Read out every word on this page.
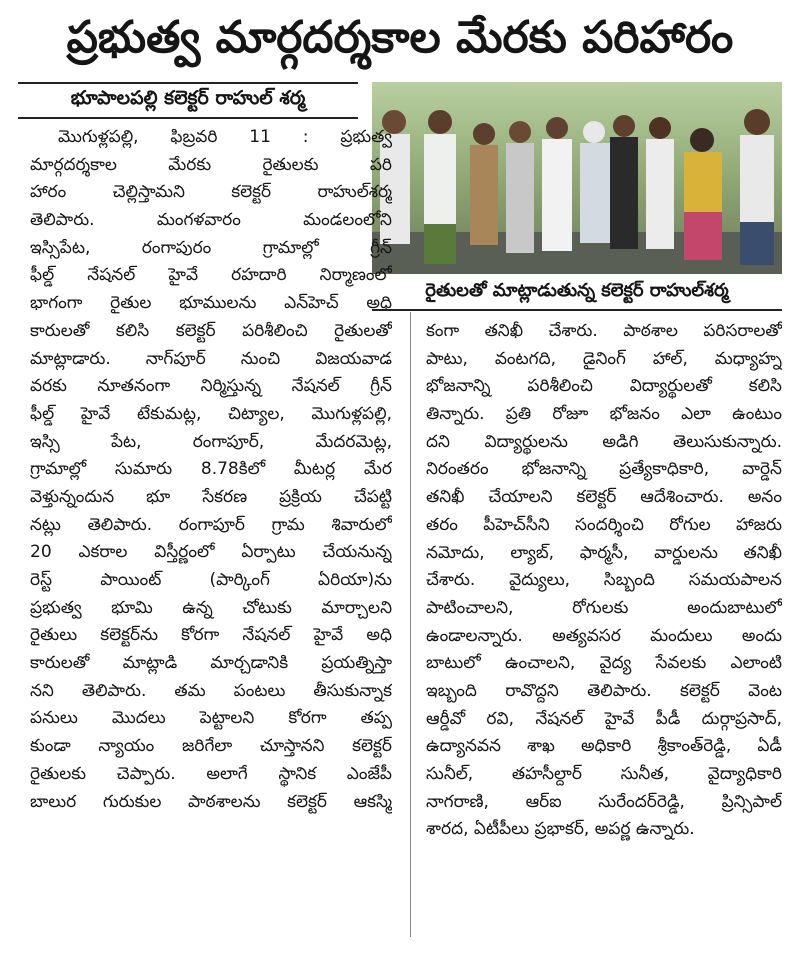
ప్రభుత్వ మార్గదర్శకాల మేరకు పరిహారం
భూపాలపల్లి కలెక్టర్ రాహుల్ శర్మ
రైతులతో మాట్లాడుతున్న కలెక్టర్ రాహుల్‌శర్మ
మొగుళ్లపల్లి, ఫిబ్రవరి 11 : ప్రభుత్వ
మార్గదర్శకాల మేరకు రైతులకు పరి
హారం చెల్లిస్తామని కలెక్టర్ రాహుల్‌శర్మ
తెలిపారు. మంగళవారం మండలంలోని
ఇస్సిపేట, రంగాపురం గ్రామాల్లో గ్రీన్
ఫీల్డ్ నేషనల్ హైవే రహదారి నిర్మాణంలో
భాగంగా రైతుల భూములను ఎన్‌హెచ్ అధి
కారులతో కలిసి కలెక్టర్ పరిశీలించి రైతులతో
మాట్లాడారు. నాగ్‌పూర్ నుంచి విజయవాడ
వరకు నూతనంగా నిర్మిస్తున్న నేషనల్ గ్రీన్
ఫీల్డ్ హైవే టేకుమట్ల, చిట్యాల, మొగుళ్లపల్లి,
ఇస్సి పేట, రంగాపూర్, మేదరమెట్ల,
గ్రామాల్లో సుమారు 8.78కిలో మీటర్ల మేర
వెళ్తున్నందున భూ సేకరణ ప్రక్రియ చేపట్టి
నట్లు తెలిపారు. రంగాపూర్ గ్రామ శివారులో
20 ఎకరాల విస్తీర్ణంలో ఏర్పాటు చేయనున్న
రెస్ట్ పాయింట్ (పార్కింగ్ ఏరియా)ను
ప్రభుత్వ భూమి ఉన్న చోటుకు మార్చాలని
రైతులు కలెక్టర్‌ను కోరగా నేషనల్ హైవే అధి
కారులతో మాట్లాడి మార్చడానికి ప్రయత్నిస్తా
నని తెలిపారు. తమ పంటలు తీసుకున్నాక
పనులు మొదలు పెట్టాలని కోరగా తప్ప
కుండా న్యాయం జరిగేలా చూస్తానని కలెక్టర్
రైతులకు చెప్పారు. అలాగే స్థానిక ఎంజేపీ
బాలుర గురుకుల పాఠశాలను కలెక్టర్ ఆకస్మి
కంగా తనిఖీ చేశారు. పాఠశాల పరిసరాలతో
పాటు, వంటగది, డైనింగ్ హాల్, మధ్యాహ్న
భోజనాన్ని పరిశీలించి విద్యార్థులతో కలిసి
తిన్నారు. ప్రతి రోజూ భోజనం ఎలా ఉంటుం
దని విద్యార్థులను అడిగి తెలుసుకున్నారు.
నిరంతరం భోజనాన్ని ప్రత్యేకాధికారి, వార్డెన్
తనిఖీ చేయాలని కలెక్టర్ ఆదేశించారు. అనం
తరం పీహెచ్‌సీని సందర్శించి రోగుల హాజరు
నమోదు, ల్యాబ్, ఫార్మసీ, వార్డులను తనిఖీ
చేశారు. వైద్యులు, సిబ్బంది సమయపాలన
పాటించాలని, రోగులకు అందుబాటులో
ఉండాలన్నారు. అత్యవసర మందులు అందు
బాటులో ఉంచాలని, వైద్య సేవలకు ఎలాంటి
ఇబ్బంది రావొద్దని తెలిపారు. కలెక్టర్ వెంట
ఆర్డీవో రవి, నేషనల్ హైవే పీడీ దుర్గాప్రసాద్,
ఉద్యానవన శాఖ అధికారి శ్రీకాంత్‌రెడ్డి, ఏడీ
సునీల్, తహసీల్దార్ సునీత, వైద్యాధికారి
నాగరాణి, ఆర్ఐ సురేందర్‌రెడ్డి, ప్రిన్సిపాల్
శారద, ఏటీపీలు ప్రభాకర్, అపర్ణ ఉన్నారు.
